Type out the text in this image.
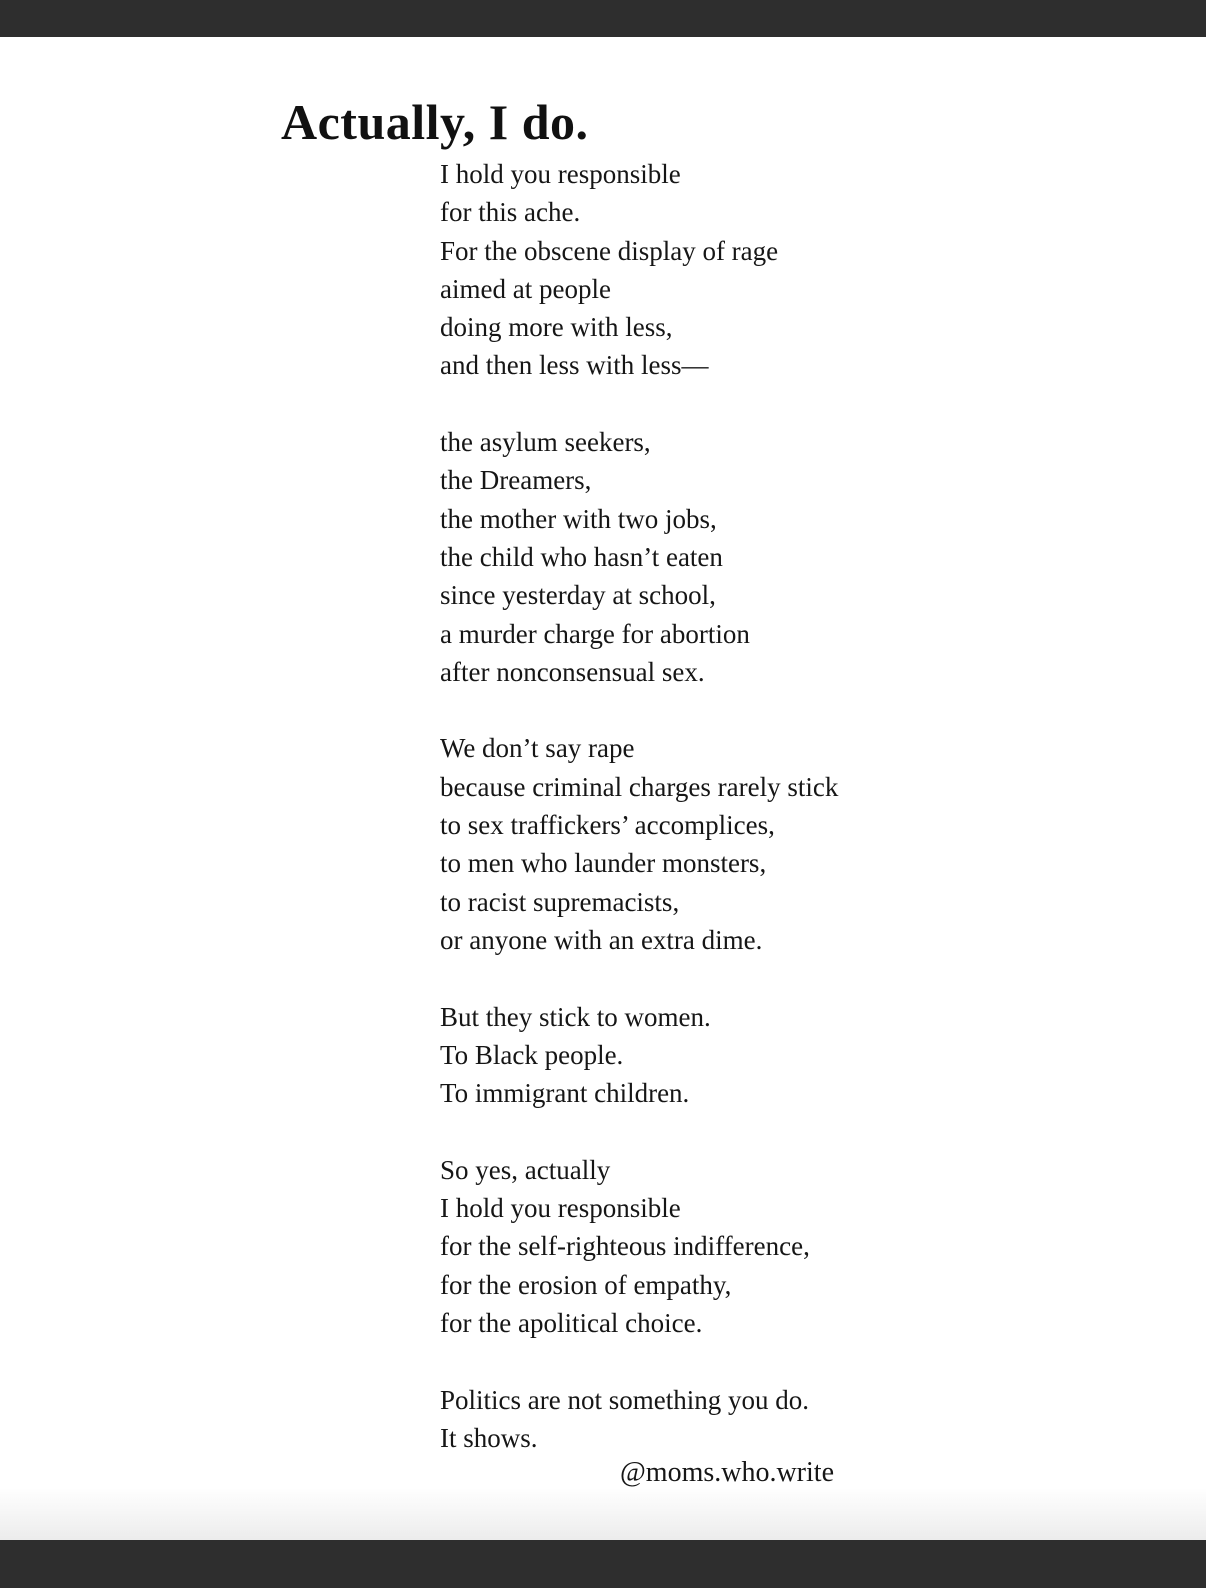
Actually, I do.
I hold you responsible
for this ache.
For the obscene display of rage
aimed at people
doing more with less,
and then less with less—
the asylum seekers,
the Dreamers,
the mother with two jobs,
the child who hasn’t eaten
since yesterday at school,
a murder charge for abortion
after nonconsensual sex.
We don’t say rape
because criminal charges rarely stick
to sex traffickers’ accomplices,
to men who launder monsters,
to racist supremacists,
or anyone with an extra dime.
But they stick to women.
To Black people.
To immigrant children.
So yes, actually
I hold you responsible
for the self-righteous indifference,
for the erosion of empathy,
for the apolitical choice.
Politics are not something you do.
It shows.
@moms.who.write
